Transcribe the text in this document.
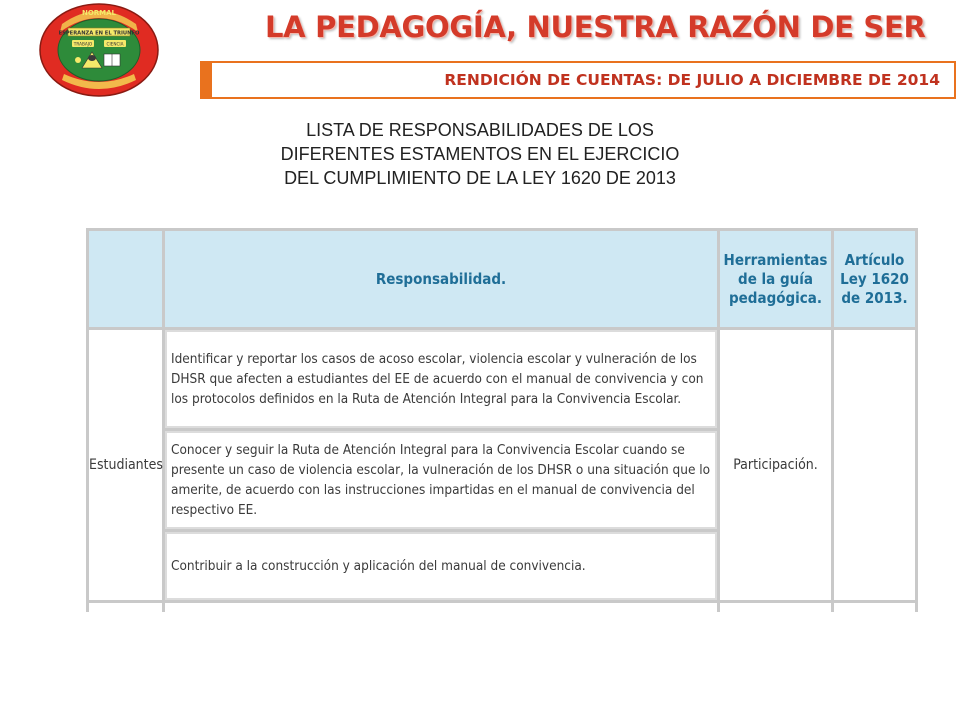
ESPERANZA EN EL TRIUNFO
NORMAL
TRABAJO	CIENCIA	LA PEDAGOGÍA, NUESTRA RAZÓN DE SER
RENDICIÓN DE CUENTAS: DE JULIO A DICIEMBRE DE 2014
LISTA DE RESPONSABILIDADES DE LOS
DIFERENTES ESTAMENTOS EN EL EJERCICIO
DEL CUMPLIMIENTO DE LA LEY 1620 DE 2013
	Responsabilidad.	Herramientas de la guía pedagógica.	Artículo Ley 1620 de 2013.
Estudiantes	Identificar y reportar los casos de acoso escolar, violencia escolar y vulneración de los DHSR que afecten a estudiantes del EE de acuerdo con el manual de convivencia y con los protocolos definidos en la Ruta de Atención Integral para la Convivencia Escolar.	Participación.	
	Conocer y seguir la Ruta de Atención Integral para la Convivencia Escolar cuando se presente un caso de violencia escolar, la vulneración de los DHSR o una situación que lo amerite, de acuerdo con las instrucciones impartidas en el manual de convivencia del respectivo EE.		
	Contribuir a la construcción y aplicación del manual de convivencia.		
